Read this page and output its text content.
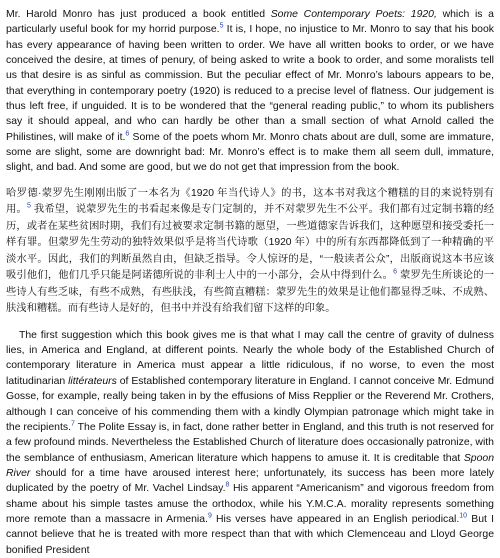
Mr. Harold Monro has just produced a book entitled Some Contemporary Poets: 1920, which is a particularly useful book for my horrid purpose.$^5$ It is, I hope, no injustice to Mr. Monro to say that his book has every appearance of having been written to order. We have all written books to order, or we have conceived the desire, at times of penury, of being asked to write a book to order, and some moralists tell us that desire is as sinful as commission. But the peculiar effect of Mr. Monro’s labours appears to be, that everything in contemporary poetry (1920) is reduced to a precise level of flatness. Our judgement is thus left free, if unguided. It is to be wondered that the “general reading public,” to whom its publishers say it should appeal, and who can hardly be other than a small section of what Arnold called the Philistines, will make of it.$^6$ Some of the poets whom Mr. Monro chats about are dull, some are immature, some are slight, some are downright bad: Mr. Monro’s effect is to make them all seem dull, immature, slight, and bad. And some are good, but we do not get that impression from the book.

哈罗德·蒙罗先生刚刚出版了一本名为《1920 年当代诗人》的书，这本书对我这个糟糕的目的来说特别有用。$^5$ 我希望，说蒙罗先生的书看起来像是专门定制的，并不对蒙罗先生不公平。我们都有过定制书籍的经历，或者在某些贫困时期，我们有过被要求定制书籍的愿望，一些道德家告诉我们，这种愿望和接受委托一样有罪。但蒙罗先生劳动的独特效果似乎是将当代诗歌（1920 年）中的所有东西都降低到了一种精确的平淡水平。因此，我们的判断虽然自由，但缺乏指导。令人惊讶的是，“一般读者公众”，出版商说这本书应该吸引他们，他们几乎只能是阿诺德所说的非利士人中的一小部分，会从中得到什么。$^6$ 蒙罗先生所谈论的一些诗人有些乏味，有些不成熟，有些肤浅，有些简直糟糕：蒙罗先生的效果是让他们都显得乏味、不成熟、肤浅和糟糕。而有些诗人是好的，但书中并没有给我们留下这样的印象。

The first suggestion which this book gives me is that what I may call the centre of gravity of dulness lies, in America and England, at different points. Nearly the whole body of the Established Church of contemporary literature in America must appear a little ridiculous, if no worse, to even the most latitudinarian littérateurs of Established contemporary literature in England. I cannot conceive Mr. Edmund Gosse, for example, really being taken in by the effusions of Miss Repplier or the Reverend Mr. Crothers, although I can conceive of his commending them with a kindly Olympian patronage which might take in the recipients.$^7$ The Polite Essay is, in fact, done rather better in England, and this truth is not reserved for a few profound minds. Nevertheless the Established Church of literature does occasionally patronize, with the semblance of enthusiasm, American literature which happens to amuse it. It is creditable that Spoon River should for a time have aroused interest here; unfortunately, its success has been more lately duplicated by the poetry of Mr. Vachel Lindsay.$^8$ His apparent “Americanism” and vigorous freedom from shame about his simple tastes amuse the orthodox, while his Y.M.C.A. morality represents something more remote than a massacre in Armenia.$^9$ His verses have appeared in an English periodical.$^{10}$ But I cannot believe that he is treated with more respect than that with which Clemenceau and Lloyd George bonified President
